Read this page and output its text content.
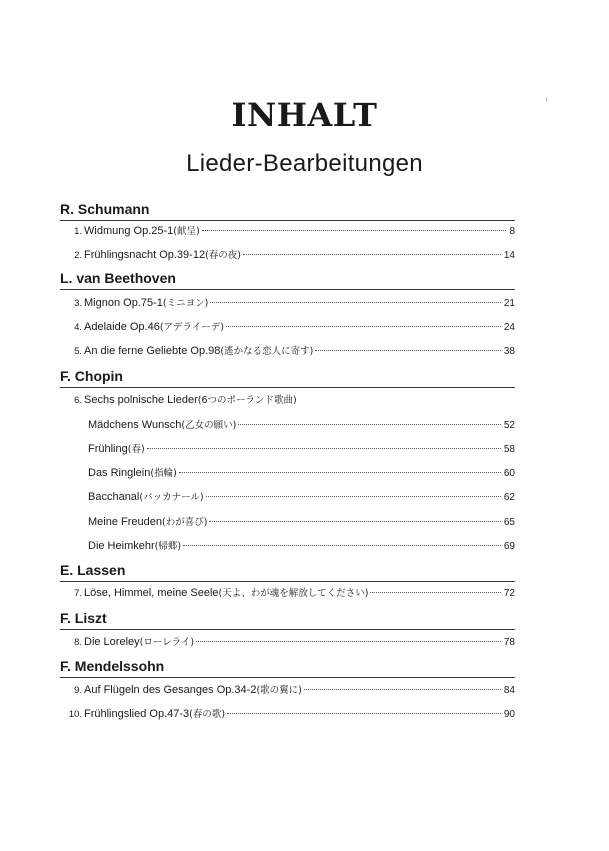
INHALT
Lieder-Bearbeitungen
R. Schumann
1. Widmung Op.25-1 (献呈)	8
2. Frühlingsnacht Op.39-12 (春の夜)	14
L. van Beethoven
3. Mignon Op.75-1 (ミニヨン)	21
4. Adelaide Op.46 (アデライーデ)	24
5. An die ferne Geliebte Op.98 (遙かなる恋人に寄す)	38
F. Chopin
6. Sechs polnische Lieder (6つのポーランド歌曲)
Mädchens Wunsch (乙女の願い)	52
Frühling (春)	58
Das Ringlein (指輪)	60
Bacchanal (バッカナール)	62
Meine Freuden (わが喜び)	65
Die Heimkehr (帰郷)	69
E. Lassen
7. Löse, Himmel, meine Seele (天よ、わが魂を解放してください)	72
F. Liszt
8. Die Loreley (ローレライ)	78
F. Mendelssohn
9. Auf Flügeln des Gesanges Op.34-2 (歌の翼に)	84
10. Frühlingslied Op.47-3 (春の歌)	90
